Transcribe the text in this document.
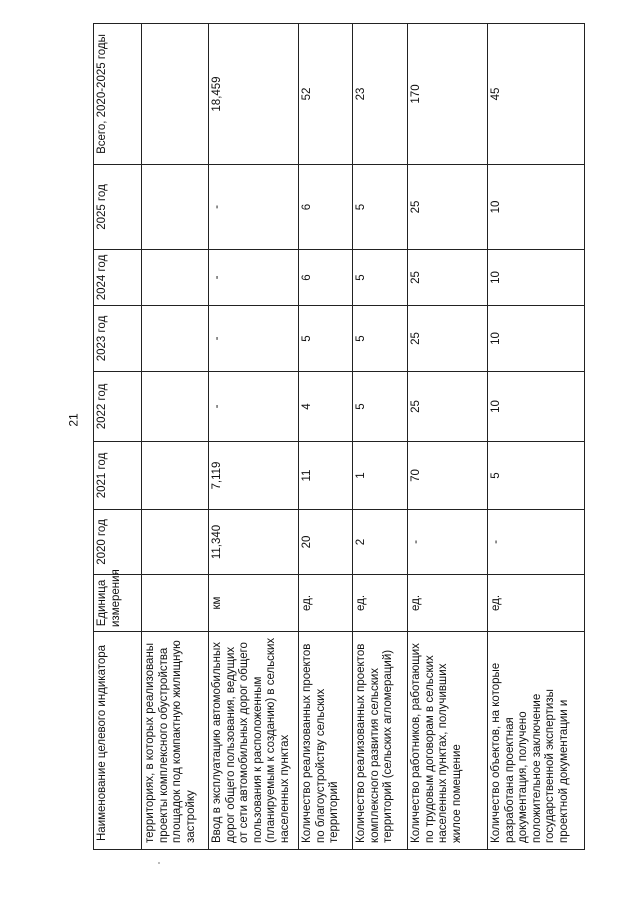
21
Наименование целевого индикатора	Единица измерения	2020 год	2021 год	2022 год	2023 год	2024 год	2025 год	Всего, 2020-2025 годы
территориях, в которых реализованы проекты комплексного обустройства площадок под компактную жилищную застройку								
Ввод в эксплуатацию автомобильных дорог общего пользования, ведущих от сети автомобильных дорог общего пользования к расположенным (планируемым к созданию) в сельских населенных пунктах	км	11,340	7,119	-	-	-	-	18,459
Количество реализованных проектов по благоустройству сельских территорий	ед.	20	11	4	5	6	6	52
Количество реализованных проектов комплексного развития сельских территорий (сельских агломераций)	ед.	2	1	5	5	5	5	23
Количество работников, работающих по трудовым договорам в сельских населенных пунктах, получивших жилое помещение	ед.	-	70	25	25	25	25	170
Количество объектов, на которые разработана проектная документация, получено положительное заключение государственной экспертизы проектной документации и	ед.	-	5	10	10	10	10	45
